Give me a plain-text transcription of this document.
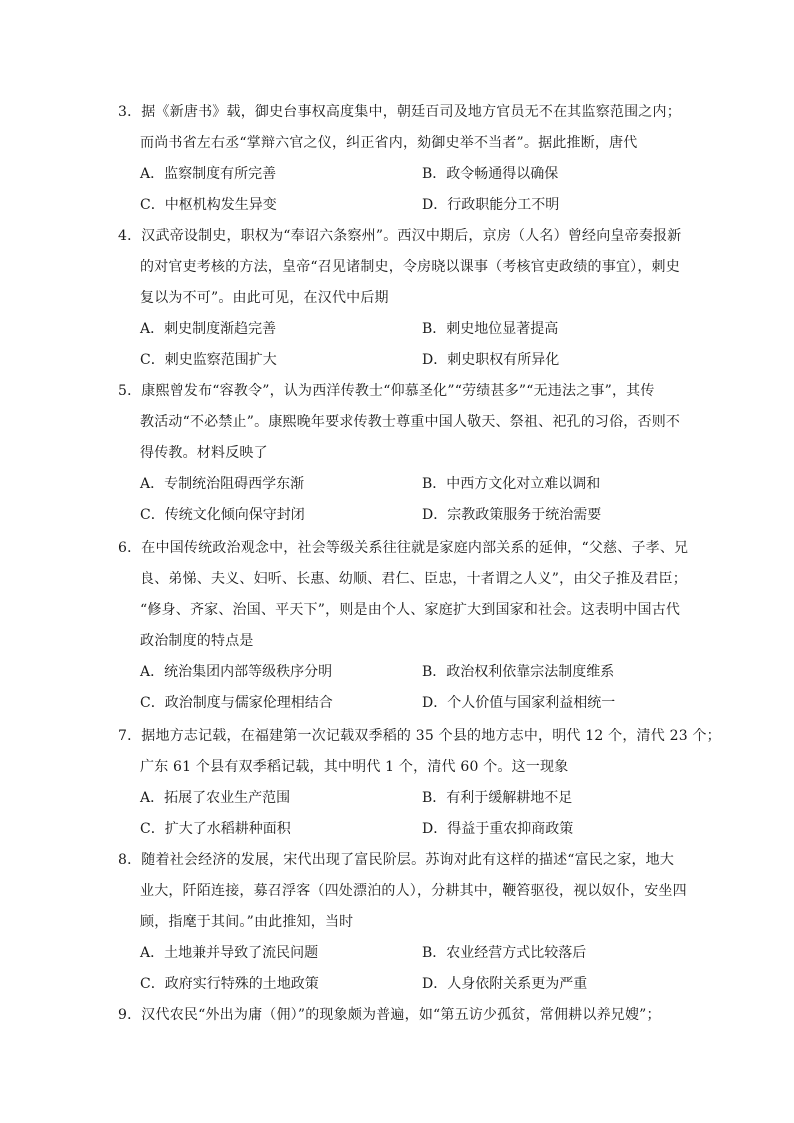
3．据《新唐书》载，御史台事权高度集中，朝廷百司及地方官员无不在其监察范围之内；
而尚书省左右丞“掌辩六官之仪，纠正省内，劾御史举不当者”。据此推断，唐代
A．监察制度有所完善	B．政令畅通得以确保
C．中枢机构发生异变	D．行政职能分工不明
4．汉武帝设制史，职权为“奉诏六条察州”。西汉中期后，京房（人名）曾经向皇帝奏报新
的对官吏考核的方法，皇帝“召见诸制史，令房晓以课事（考核官吏政绩的事宜），刺史
复以为不可”。由此可见，在汉代中后期
A．刺史制度渐趋完善	B．刺史地位显著提高
C．刺史监察范围扩大	D．刺史职权有所异化
5．康熙曾发布“容教令”，认为西洋传教士“仰慕圣化”“劳绩甚多”“无违法之事”，其传
教活动“不必禁止”。康熙晚年要求传教士尊重中国人敬天、祭祖、祀孔的习俗，否则不
得传教。材料反映了
A．专制统治阻碍西学东渐	B．中西方文化对立难以调和
C．传统文化倾向保守封闭	D．宗教政策服务于统治需要
6．在中国传统政治观念中，社会等级关系往往就是家庭内部关系的延伸，“父慈、子孝、兄
良、弟悌、夫义、妇听、长惠、幼顺、君仁、臣忠，十者谓之人义”，由父子推及君臣；
“修身、齐家、治国、平天下”，则是由个人、家庭扩大到国家和社会。这表明中国古代
政治制度的特点是
A．统治集团内部等级秩序分明	B．政治权利依靠宗法制度维系
C．政治制度与儒家伦理相结合	D．个人价值与国家利益相统一
7．据地方志记载，在福建第一次记载双季稻的 35 个县的地方志中，明代 12 个，清代 23 个；
广东 61 个县有双季稻记载，其中明代 1 个，清代 60 个。这一现象
A．拓展了农业生产范围	B．有利于缓解耕地不足
C．扩大了水稻耕种面积	D．得益于重农抑商政策
8．随着社会经济的发展，宋代出现了富民阶层。苏询对此有这样的描述“富民之家，地大
业大，阡陌连接，募召浮客（四处漂泊的人），分耕其中，鞭笞驱役，视以奴仆，安坐四
顾，指麾于其间。”由此推知，当时
A．土地兼并导致了流民问题	B．农业经营方式比较落后
C．政府实行特殊的土地政策	D．人身依附关系更为严重
9．汉代农民“外出为庸（佣）”的现象颇为普遍，如“第五访少孤贫，常佣耕以养兄嫂”；
